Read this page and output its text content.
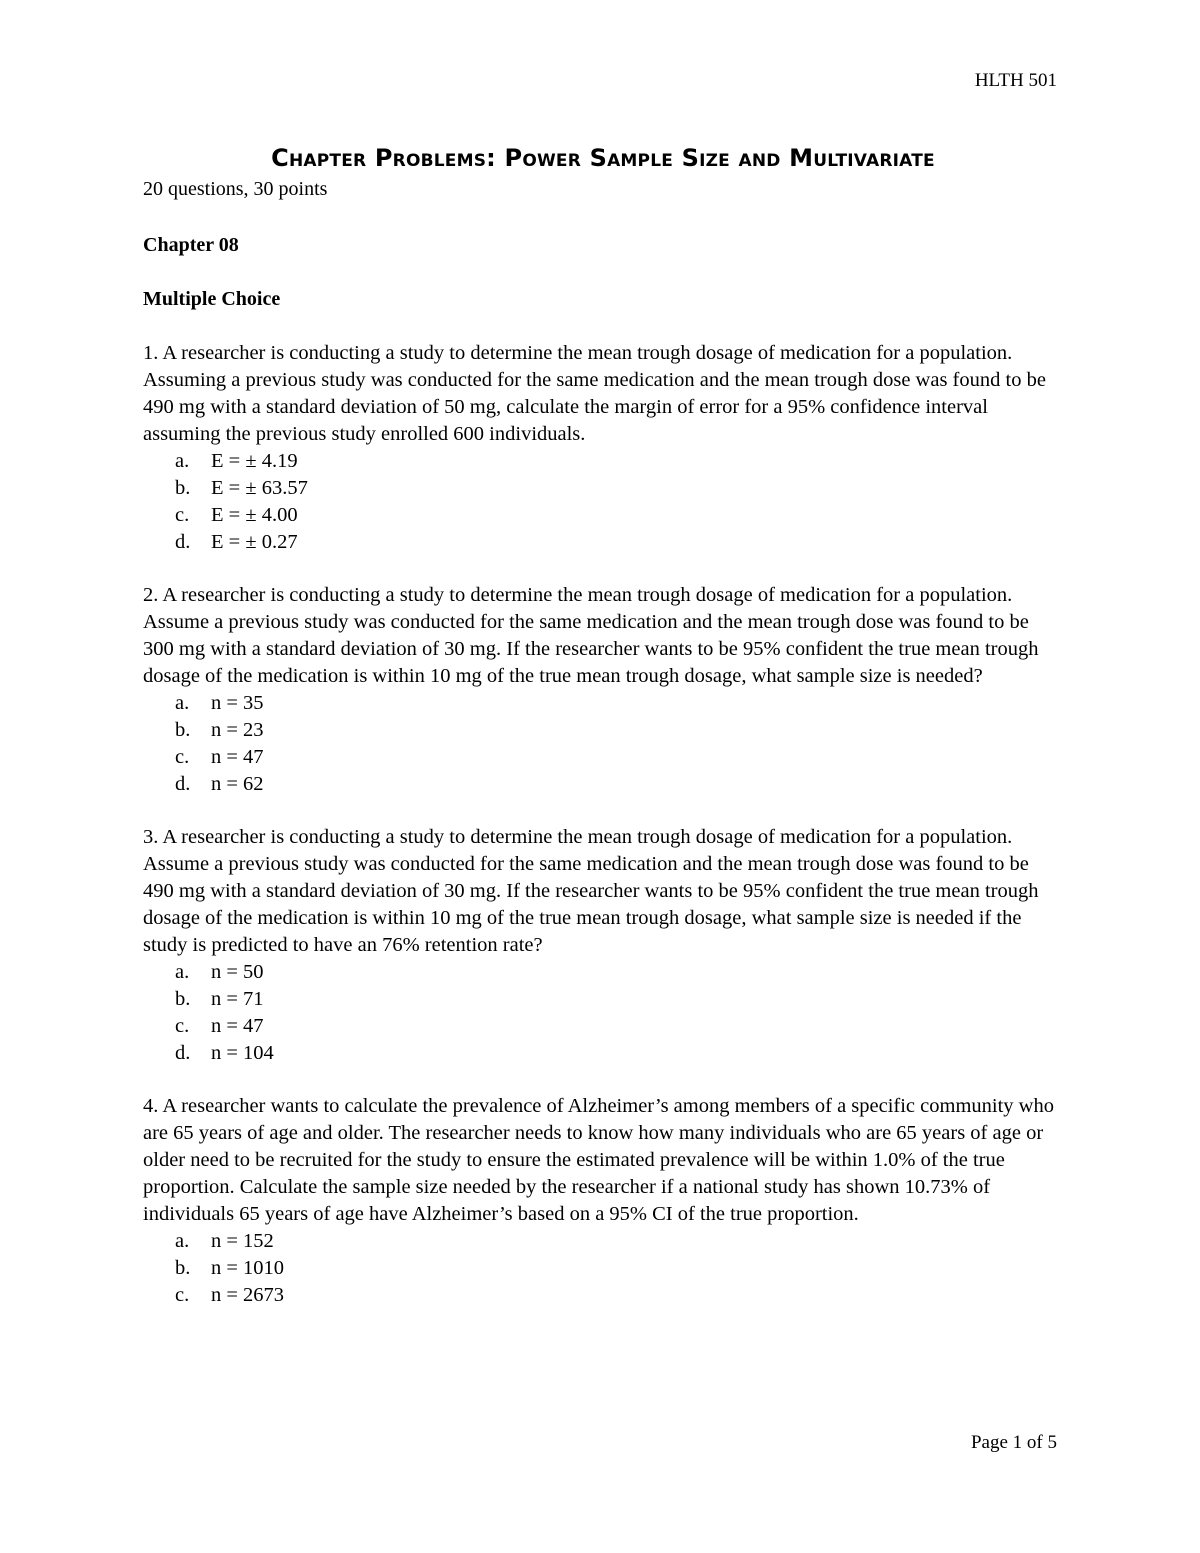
HLTH 501
Chapter Problems: Power Sample Size and Multivariate

20 questions, 30 points

Chapter 08

Multiple Choice

1. A researcher is conducting a study to determine the mean trough dosage of medication for a population. Assuming a previous study was conducted for the same medication and the mean trough dose was found to be 490 mg with a standard deviation of 50 mg, calculate the margin of error for a 95% confidence interval assuming the previous study enrolled 600 individuals.

a.	E = ± 4.19
b.	E = ± 63.57
c.	E = ± 4.00
d.	E = ± 0.27

2. A researcher is conducting a study to determine the mean trough dosage of medication for a population. Assume a previous study was conducted for the same medication and the mean trough dose was found to be 300 mg with a standard deviation of 30 mg. If the researcher wants to be 95% confident the true mean trough dosage of the medication is within 10 mg of the true mean trough dosage, what sample size is needed?

a.	n = 35
b.	n = 23
c.	n = 47
d.	n = 62

3. A researcher is conducting a study to determine the mean trough dosage of medication for a population. Assume a previous study was conducted for the same medication and the mean trough dose was found to be 490 mg with a standard deviation of 30 mg. If the researcher wants to be 95% confident the true mean trough dosage of the medication is within 10 mg of the true mean trough dosage, what sample size is needed if the study is predicted to have an 76% retention rate?

a.	n = 50
b.	n = 71
c.	n = 47
d.	n = 104

4. A researcher wants to calculate the prevalence of Alzheimer’s among members of a specific community who are 65 years of age and older. The researcher needs to know how many individuals who are 65 years of age or older need to be recruited for the study to ensure the estimated prevalence will be within 1.0% of the true proportion. Calculate the sample size needed by the researcher if a national study has shown 10.73% of individuals 65 years of age have Alzheimer’s based on a 95% CI of the true proportion.

a.	n = 152
b.	n = 1010
c.	n = 2673
Page 1 of 5
